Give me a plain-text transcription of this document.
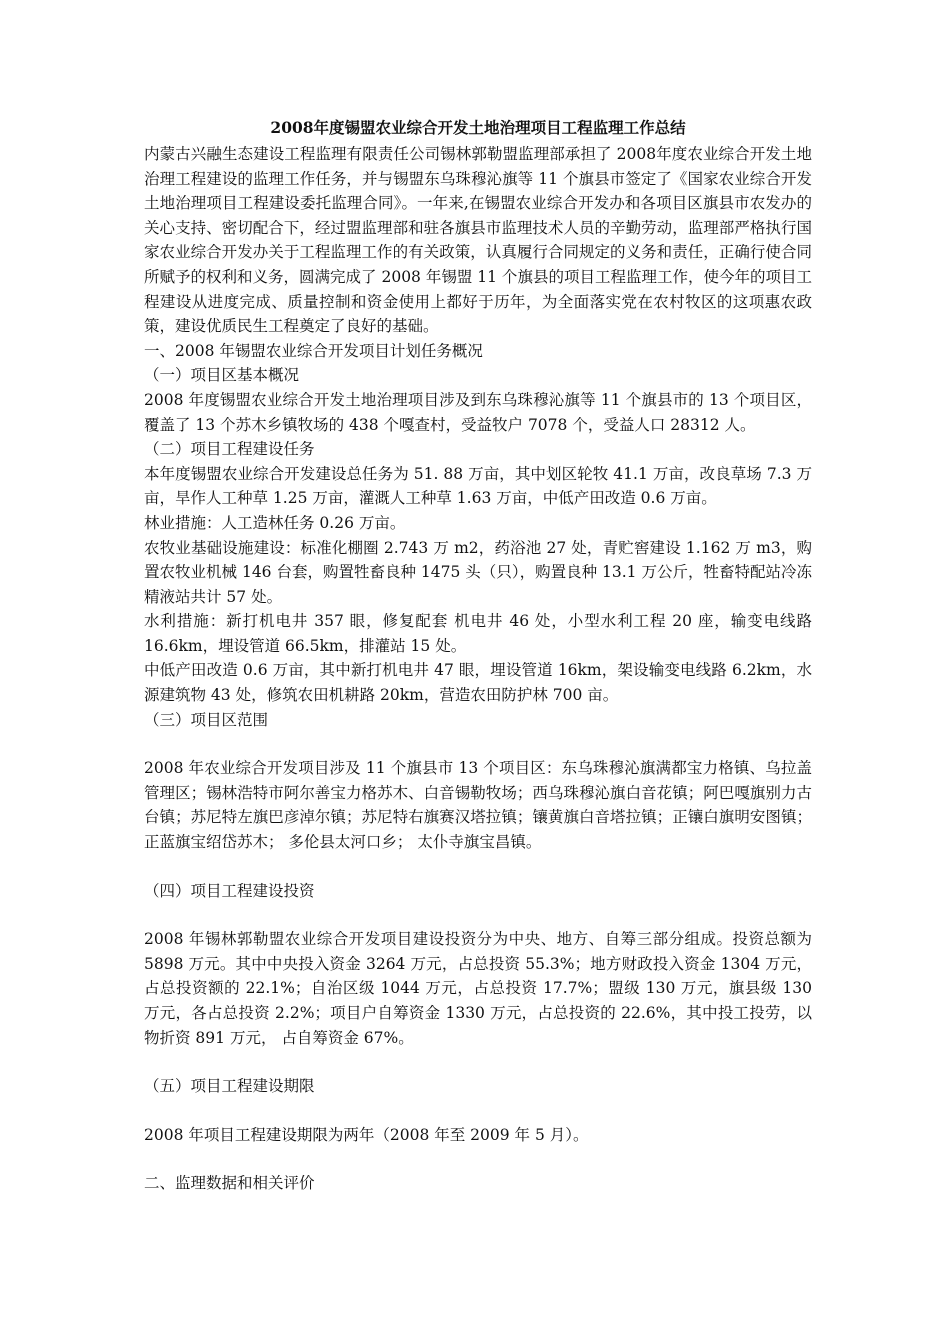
2008年度锡盟农业综合开发土地治理项目工程监理工作总结

内蒙古兴融生态建设工程监理有限责任公司锡林郭勒盟监理部承担了 2008年度农业综合开发土地治理工程建设的监理工作任务，并与锡盟东乌珠穆沁旗等 11 个旗县市签定了《国家农业综合开发土地治理项目工程建设委托监理合同》。一年来,在锡盟农业综合开发办和各项目区旗县市农发办的关心支持、密切配合下，经过盟监理部和驻各旗县市监理技术人员的辛勤劳动，监理部严格执行国家农业综合开发办关于工程监理工作的有关政策，认真履行合同规定的义务和责任，正确行使合同所赋予的权利和义务，圆满完成了 2008 年锡盟 11 个旗县的项目工程监理工作，使今年的项目工程建设从进度完成、质量控制和资金使用上都好于历年，为全面落实党在农村牧区的这项惠农政策，建设优质民生工程奠定了良好的基础。

一、2008 年锡盟农业综合开发项目计划任务概况

（一）项目区基本概况

2008 年度锡盟农业综合开发土地治理项目涉及到东乌珠穆沁旗等 11 个旗县市的 13 个项目区，覆盖了 13 个苏木乡镇牧场的 438 个嘎查村，受益牧户 7078 个，受益人口 28312 人。

（二）项目工程建设任务

本年度锡盟农业综合开发建设总任务为 51. 88 万亩，其中划区轮牧 41.1 万亩，改良草场 7.3 万亩，旱作人工种草 1.25 万亩，灌溉人工种草 1.63 万亩，中低产田改造 0.6 万亩。

林业措施：人工造林任务 0.26 万亩。

农牧业基础设施建设：标准化棚圈 2.743 万 m2，药浴池 27 处，青贮窖建设 1.162 万 m3，购置农牧业机械 146 台套，购置牲畜良种 1475 头（只），购置良种 13.1 万公斤，牲畜特配站冷冻精液站共计 57 处。

水利措施：新打机电井 357 眼，修复配套 机电井 46 处，小型水利工程 20 座，输变电线路 16.6km，埋设管道 66.5km，排灌站 15 处。

中低产田改造 0.6 万亩，其中新打机电井 47 眼，埋设管道 16km，架设输变电线路 6.2km，水源建筑物 43 处，修筑农田机耕路 20km，营造农田防护林 700 亩。

（三）项目区范围

2008 年农业综合开发项目涉及 11 个旗县市 13 个项目区：东乌珠穆沁旗满都宝力格镇、乌拉盖管理区；锡林浩特市阿尔善宝力格苏木、白音锡勒牧场；西乌珠穆沁旗白音花镇；阿巴嘎旗别力古台镇；苏尼特左旗巴彦淖尔镇；苏尼特右旗赛汉塔拉镇；镶黄旗白音塔拉镇；正镶白旗明安图镇； 正蓝旗宝绍岱苏木； 多伦县太河口乡； 太仆寺旗宝昌镇。

（四）项目工程建设投资

2008 年锡林郭勒盟农业综合开发项目建设投资分为中央、地方、自筹三部分组成。投资总额为 5898 万元。其中中央投入资金 3264 万元，占总投资 55.3%；地方财政投入资金 1304 万元，占总投资额的 22.1%；自治区级 1044 万元，占总投资 17.7%；盟级 130 万元，旗县级 130 万元，各占总投资 2.2%；项目户自筹资金 1330 万元，占总投资的 22.6%，其中投工投劳，以物折资 891 万元， 占自筹资金 67%。

（五）项目工程建设期限

2008 年项目工程建设期限为两年（2008 年至 2009 年 5 月）。

二、监理数据和相关评价
